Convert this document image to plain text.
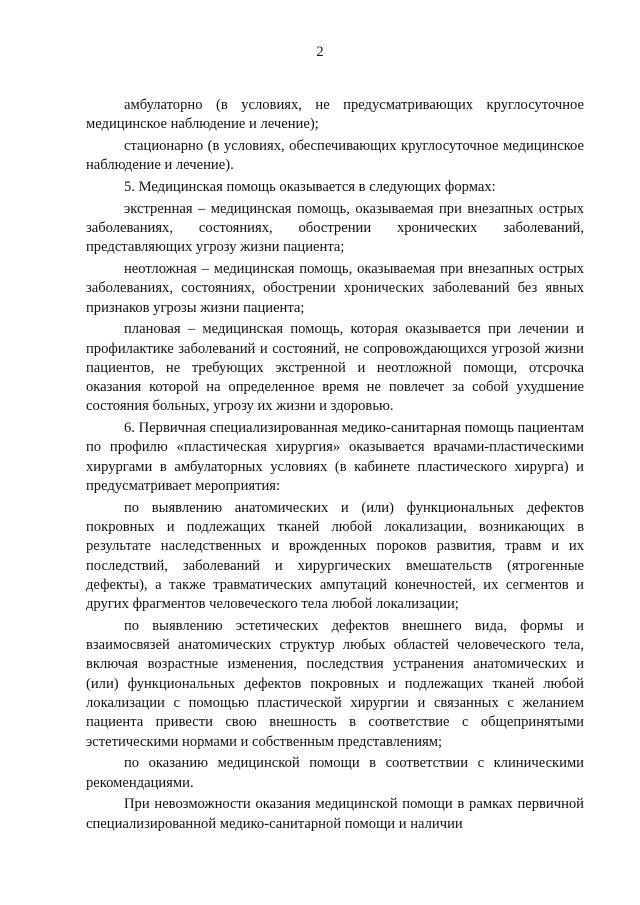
2

амбулаторно (в условиях, не предусматривающих круглосуточное медицинское наблюдение и лечение);

стационарно (в условиях, обеспечивающих круглосуточное медицинское наблюдение и лечение).

5. Медицинская помощь оказывается в следующих формах:

экстренная – медицинская помощь, оказываемая при внезапных острых заболеваниях, состояниях, обострении хронических заболеваний, представляющих угрозу жизни пациента;

неотложная – медицинская помощь, оказываемая при внезапных острых заболеваниях, состояниях, обострении хронических заболеваний без явных признаков угрозы жизни пациента;

плановая – медицинская помощь, которая оказывается при лечении и профилактике заболеваний и состояний, не сопровождающихся угрозой жизни пациентов, не требующих экстренной и неотложной помощи, отсрочка оказания которой на определенное время не повлечет за собой ухудшение состояния больных, угрозу их жизни и здоровью.

6. Первичная специализированная медико-санитарная помощь пациентам по профилю «пластическая хирургия» оказывается врачами-пластическими хирургами в амбулаторных условиях (в кабинете пластического хирурга) и предусматривает мероприятия:

по выявлению анатомических и (или) функциональных дефектов покровных и подлежащих тканей любой локализации, возникающих в результате наследственных и врожденных пороков развития, травм и их последствий, заболеваний и хирургических вмешательств (ятрогенные дефекты), а также травматических ампутаций конечностей, их сегментов и других фрагментов человеческого тела любой локализации;

по выявлению эстетических дефектов внешнего вида, формы и взаимосвязей анатомических структур любых областей человеческого тела, включая возрастные изменения, последствия устранения анатомических и (или) функциональных дефектов покровных и подлежащих тканей любой локализации с помощью пластической хирургии и связанных с желанием пациента привести свою внешность в соответствие с общепринятыми эстетическими нормами и собственным представлениям;

по оказанию медицинской помощи в соответствии с клиническими рекомендациями.

При невозможности оказания медицинской помощи в рамках первичной специализированной медико-санитарной помощи и наличии
